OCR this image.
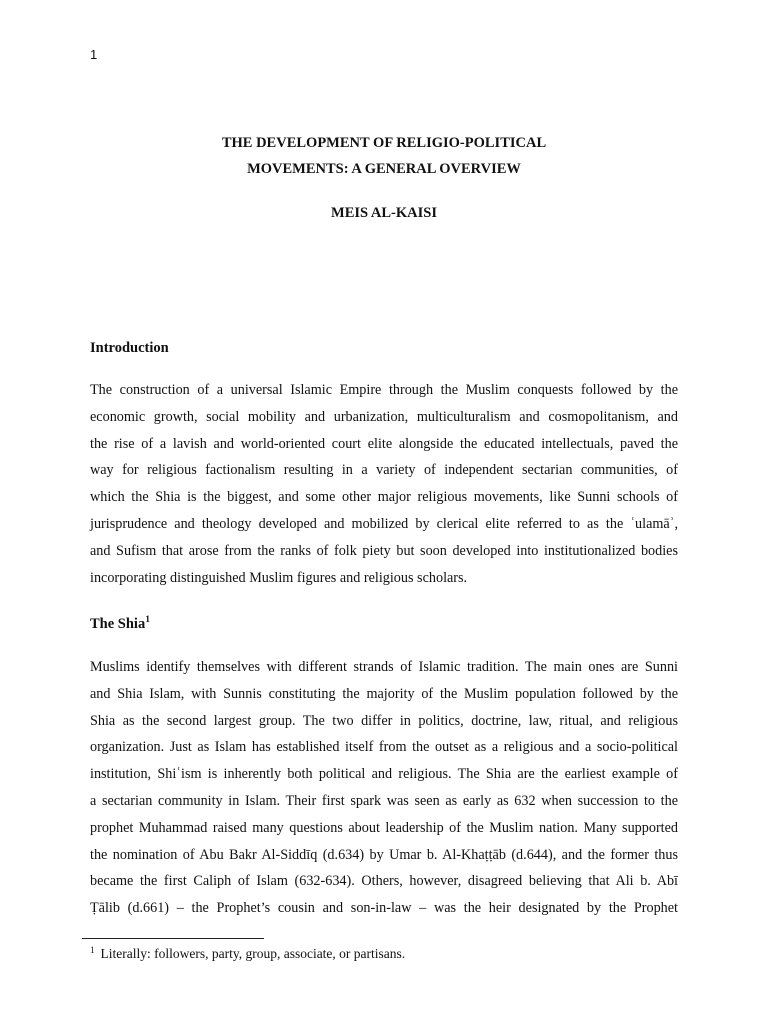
1
THE DEVELOPMENT OF RELIGIO-POLITICAL
MOVEMENTS: A GENERAL OVERVIEW
MEIS AL-KAISI
Introduction
The construction of a universal Islamic Empire through the Muslim conquests followed by the
economic growth, social mobility and urbanization, multiculturalism and cosmopolitanism, and
the rise of a lavish and world-oriented court elite alongside the educated intellectuals, paved the
way for religious factionalism resulting in a variety of independent sectarian communities, of
which the Shia is the biggest, and some other major religious movements, like Sunni schools of
jurisprudence and theology developed and mobilized by clerical elite referred to as the ʿulamāʾ,
and Sufism that arose from the ranks of folk piety but soon developed into institutionalized bodies
incorporating distinguished Muslim figures and religious scholars.
The Shia$^1$
Muslims identify themselves with different strands of Islamic tradition. The main ones are Sunni
and Shia Islam, with Sunnis constituting the majority of the Muslim population followed by the
Shia as the second largest group. The two differ in politics, doctrine, law, ritual, and religious
organization. Just as Islam has established itself from the outset as a religious and a socio-political
institution, Shiʿism is inherently both political and religious. The Shia are the earliest example of
a sectarian community in Islam. Their first spark was seen as early as 632 when succession to the
prophet Muhammad raised many questions about leadership of the Muslim nation. Many supported
the nomination of Abu Bakr Al-Siddīq (d.634) by Umar b. Al-Khaṭṭāb (d.644), and the former thus
became the first Caliph of Islam (632-634). Others, however, disagreed believing that Ali b. Abī
Ṭālib (d.661) – the Prophet’s cousin and son-in-law – was the heir designated by the Prophet
$^1$ Literally: followers, party, group, associate, or partisans.
